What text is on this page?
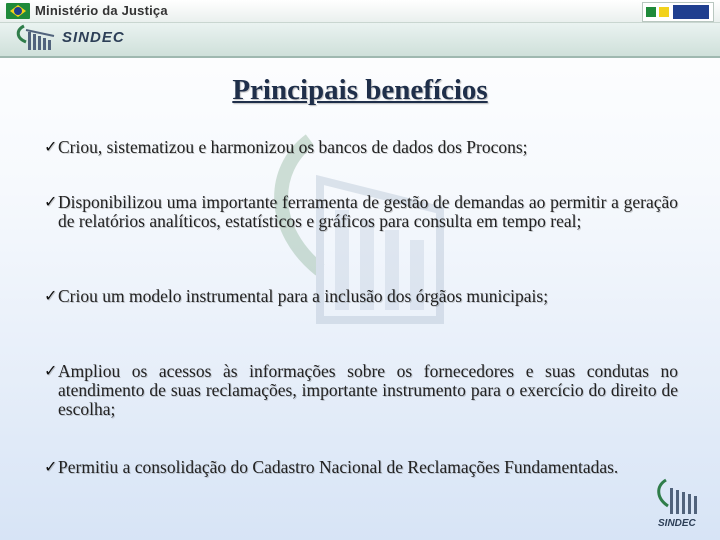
Ministério da Justiça
SINDEC
Principais benefícios
✓ Criou, sistematizou e harmonizou os bancos de dados dos Procons;
✓ Disponibilizou uma importante ferramenta de gestão de demandas ao permitir a geração de relatórios analíticos, estatísticos e gráficos para consulta em tempo real;
✓ Criou um modelo instrumental para a inclusão dos órgãos municipais;
✓ Ampliou os acessos às informações sobre os fornecedores e suas condutas no atendimento de suas reclamações, importante instrumento para o exercício do direito de escolha;
✓ Permitiu a consolidação do Cadastro Nacional de Reclamações Fundamentadas.
SINDEC
